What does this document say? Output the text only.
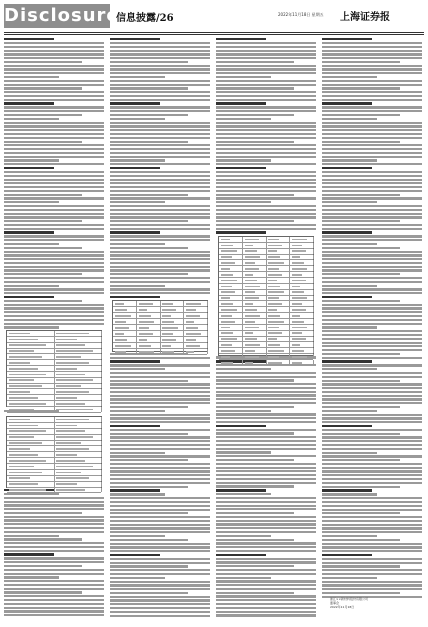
Disclosure
信息披露/26	2022年11月18日 星期五 上海证券报
浙江××新材料股份有限公司
董事会
2022年11月18日
